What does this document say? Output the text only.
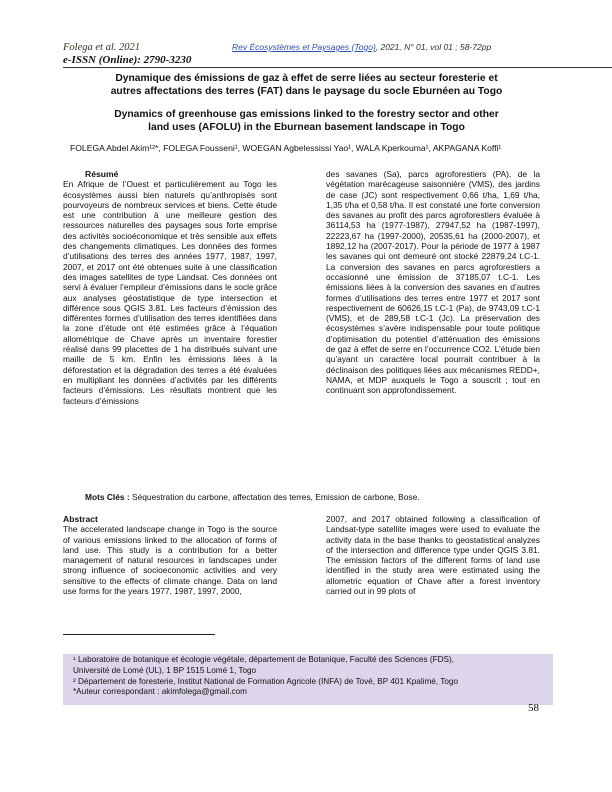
Folega et al. 2021
e-ISSN (Online): 2790-3230
Rev Écosystèmes et Paysages (Togo), 2021, N° 01, vol 01 ; 58-72pp
Dynamique des émissions de gaz à effet de serre liées au secteur foresterie et
autres affectations des terres (FAT) dans le paysage du socle Eburnéen au Togo
Dynamics of greenhouse gas emissions linked to the forestry sector and other
land uses (AFOLU) in the Eburnean basement landscape in Togo
FOLEGA Abdel Akim¹²*, FOLEGA Fousseni¹, WOEGAN Agbelessissi Yao¹, WALA Kperkouma¹, AKPAGANA Koffi¹
Résumé

En Afrique de l’Ouest et particulièrement au Togo les écosystèmes aussi bien naturels qu’anthropisés sont pourvoyeurs de nombreux services et biens. Cette étude est une contribution à une meilleure gestion des ressources naturelles des paysages sous forte emprise des activités socioéconomique et très sensible aux effets des changements climatiques. Les données des formes d’utilisations des terres des années 1977, 1987, 1997, 2007, et 2017 ont été obtenues suite à une classification des images satellites de type Landsat. Ces données ont servi à évaluer l’empileur d’émissions dans le socle grâce aux analyses géostatistique de type intersection et différence sous QGIS 3.81. Les facteurs d’émission des différentes formes d’utilisation des terres identifiées dans la zone d’étude ont été estimées grâce à l’équation allométrique de Chave après un inventaire forestier réalisé dans 99 placettes de 1 ha distribués suivant une maille de 5 km. Enfin les émissions liées à la déforestation et la dégradation des terres a été évaluées en multipliant les données d’activités par les différents facteurs d’émissions. Les résultats montrent que les facteurs d’émissions

des savanes (Sa), parcs agroforestiers (PA), de la végétation marécageuse saisonnière (VMS), des jardins de case (JC) sont respectivement 0,66 t/ha, 1,69 t/ha, 1,35 t/ha et 0,58 t/ha. Il est constaté une forte conversion des savanes au profit des parcs agroforestiers évaluée à 36114,53 ha (1977-1987), 27947,52 ha (1987-1997), 22223,67 ha (1997-2000), 20535,61 ha (2000-2007), et 1892,12 ha (2007-2017). Pour la période de 1977 à 1987 les savanes qui ont demeuré ont stocké 22879,24 t.C-1. La conversion des savanes en parcs agroforestiers a occasionné une émission de 37185,07 t.C-1. Les émissions liées à la conversion des savanes en d’autres formes d’utilisations des terres entre 1977 et 2017 sont respectivement de 60626,15 t.C-1 (Pa), de 9743,09 t.C-1 (VMS), et de 289,58 t.C-1 (Jc). La préservation des écosystèmes s’avère indispensable pour toute politique d’optimisation du potentiel d’atténuation des émissions de gaz à effet de serre en l’occurrence CO2. L’étude bien qu’ayant un caractère local pourrait contribuer à la déclinaison des politiques liées aux mécanismes REDD+, NAMA, et MDP auxquels le Togo a souscrit ; tout en continuant son approfondissement.

Mots Clés : Séquestration du carbone, affectation des terres, Emission de carbone, Bose.
Abstract

The accelerated landscape change in Togo is the source of various emissions linked to the allocation of forms of land use. This study is a contribution for a better management of natural resources in landscapes under strong influence of socioeconomic activities and very sensitive to the effects of climate change. Data on land use forms for the years 1977, 1987, 1997, 2000,

2007, and 2017 obtained following a classification of Landsat-type satellite images were used to evaluate the activity data in the base thanks to geostatistical analyzes of the intersection and difference type under QGIS 3.81. The emission factors of the different forms of land use identified in the study area were estimated using the allometric equation of Chave after a forest inventory carried out in 99 plots of

¹ Laboratoire de botanique et écologie végétale, département de Botanique, Faculté des Sciences (FDS),
Université de Lomé (UL), 1 BP 1515 Lomé 1, Togo
² Département de foresterie, Institut National de Formation Agricole (INFA) de Tové, BP 401 Kpalimé, Togo
*Auteur correspondant : akimfolega@gmail.com
58
